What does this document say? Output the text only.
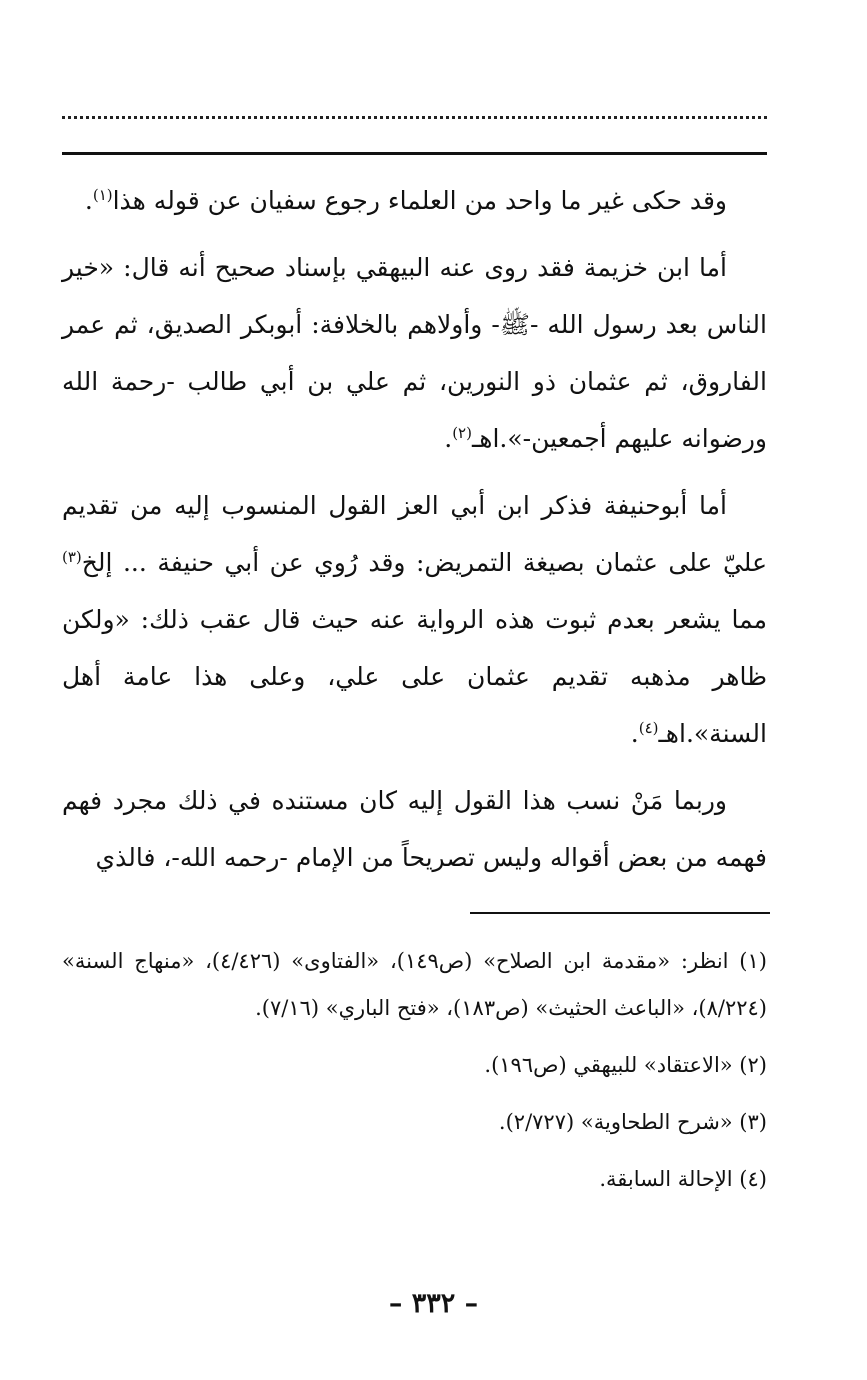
وقد حكى غير ما واحد من العلماء رجوع سفيان عن قوله هذا$^{(١)}$.

أما ابن خزيمة فقد روى عنه البيهقي بإسناد صحيح أنه قال: «خير الناس بعد رسول الله -ﷺ- وأولاهم بالخلافة: أبوبكر الصديق، ثم عمر الفاروق، ثم عثمان ذو النورين، ثم علي بن أبي طالب -رحمة الله ورضوانه عليهم أجمعين-».اهـ$^{(٢)}$.

أما أبوحنيفة فذكر ابن أبي العز القول المنسوب إليه من تقديم عليّ على عثمان بصيغة التمريض: وقد رُوي عن أبي حنيفة ... إلخ$^{(٣)}$ مما يشعر بعدم ثبوت هذه الرواية عنه حيث قال عقب ذلك: «ولكن ظاهر مذهبه تقديم عثمان على علي، وعلى هذا عامة أهل السنة».اهـ$^{(٤)}$.

وربما مَنْ نسب هذا القول إليه كان مستنده في ذلك مجرد فهم فهمه من بعض أقواله وليس تصريحاً من الإمام -رحمه الله-، فالذي

(١) انظر: «مقدمة ابن الصلاح» (ص١٤٩)، «الفتاوى» (٤/٤٢٦)، «منهاج السنة» (٨/٢٢٤)، «الباعث الحثيث» (ص١٨٣)، «فتح الباري» (٧/١٦).

(٢) «الاعتقاد» للبيهقي (ص١٩٦).

(٣) «شرح الطحاوية» (٢/٧٢٧).

(٤) الإحالة السابقة.

– ٣٣٢ –
